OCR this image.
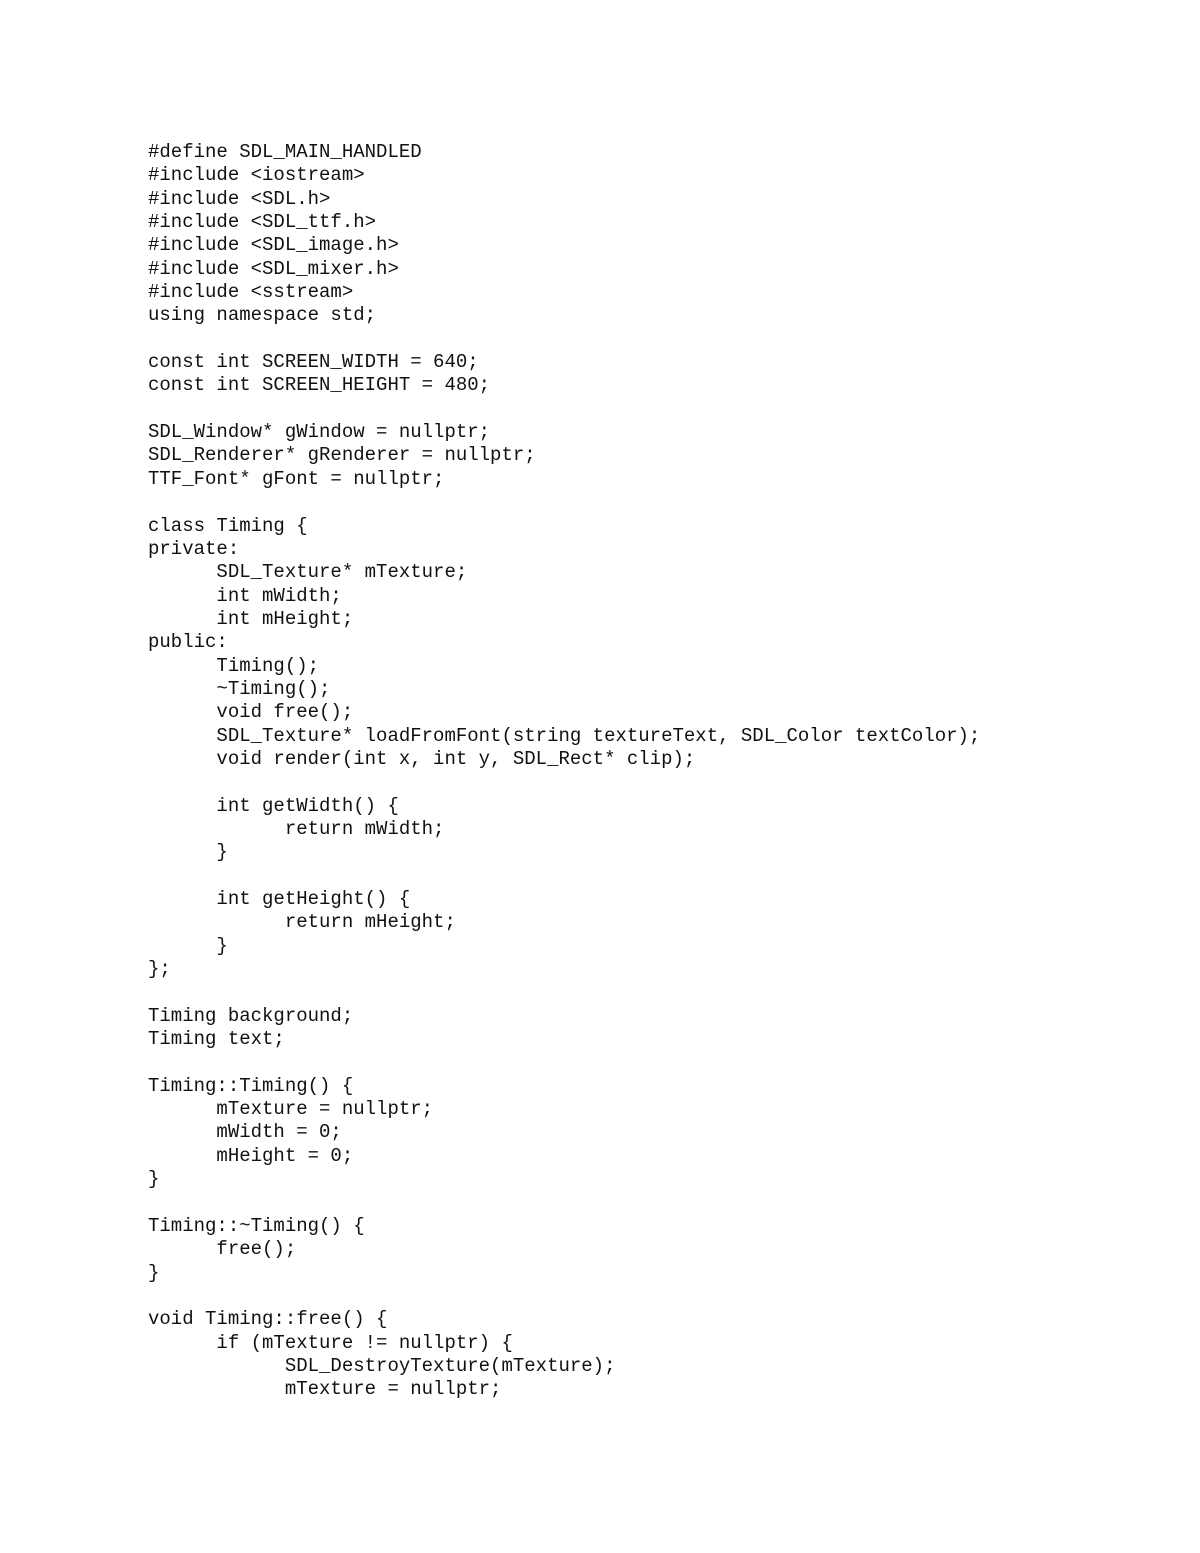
#define SDL_MAIN_HANDLED
#include <iostream>
#include <SDL.h>
#include <SDL_ttf.h>
#include <SDL_image.h>
#include <SDL_mixer.h>
#include <sstream>
using namespace std;
const int SCREEN_WIDTH = 640;
const int SCREEN_HEIGHT = 480;
SDL_Window* gWindow = nullptr;
SDL_Renderer* gRenderer = nullptr;
TTF_Font* gFont = nullptr;
class Timing {
private:
SDL_Texture* mTexture;
int mWidth;
int mHeight;
public:
Timing();
~Timing();
void free();
SDL_Texture* loadFromFont(string textureText, SDL_Color textColor);
void render(int x, int y, SDL_Rect* clip);
int getWidth() {
return mWidth;
}
int getHeight() {
return mHeight;
}
};
Timing background;
Timing text;
Timing::Timing() {
mTexture = nullptr;
mWidth = 0;
mHeight = 0;
}
Timing::~Timing() {
free();
}
void Timing::free() {
if (mTexture != nullptr) {
SDL_DestroyTexture(mTexture);
mTexture = nullptr;
